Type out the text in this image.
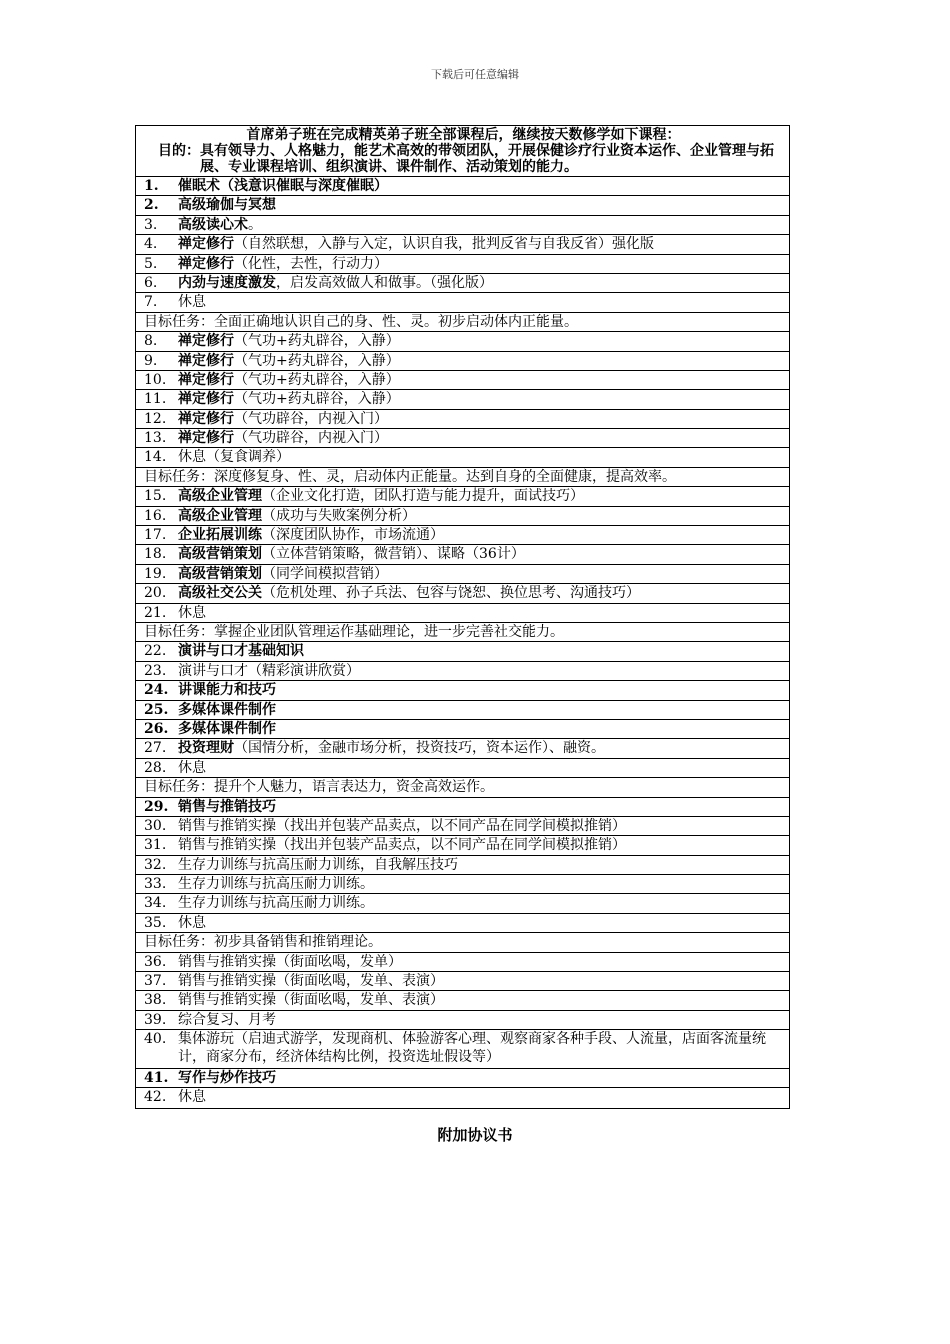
下载后可任意编辑
首席弟子班在完成精英弟子班全部课程后，继续按天数修学如下课程：
目的： 具有领导力、人格魅力，能艺术高效的带领团队，开展保健诊疗行业资本运作、企业管理与拓展、专业课程培训、组织演讲、课件制作、活动策划的能力。
1.	催眠术（浅意识催眠与深度催眠）
2.	高级瑜伽与冥想
3.	高级读心术。
4.	禅定修行（自然联想，入静与入定，认识自我，批判反省与自我反省）强化版
5.	禅定修行（化性，去性，行动力）
6.	内劲与速度激发，启发高效做人和做事。（强化版）
7.	休息
目标任务：全面正确地认识自己的身、性、灵。初步启动体内正能量。
8.	禅定修行（气功+药丸辟谷，入静）
9.	禅定修行（气功+药丸辟谷，入静）
10. 禅定修行（气功+药丸辟谷，入静）
11. 禅定修行（气功+药丸辟谷，入静）
12. 禅定修行（气功辟谷，内视入门）
13. 禅定修行（气功辟谷，内视入门）
14. 休息（复食调养）
目标任务：深度修复身、性、灵，启动体内正能量。达到自身的全面健康，提高效率。
15. 高级企业管理（企业文化打造，团队打造与能力提升，面试技巧）
16. 高级企业管理（成功与失败案例分析）
17. 企业拓展训练（深度团队协作，市场流通）
18. 高级营销策划（立体营销策略，微营销）、谋略（36计）
19. 高级营销策划（同学间模拟营销）
20. 高级社交公关（危机处理、孙子兵法、包容与饶恕、换位思考、沟通技巧）
21. 休息
目标任务：掌握企业团队管理运作基础理论，进一步完善社交能力。
22. 演讲与口才基础知识
23. 演讲与口才（精彩演讲欣赏）
24. 讲课能力和技巧
25. 多媒体课件制作
26. 多媒体课件制作
27. 投资理财（国情分析，金融市场分析，投资技巧，资本运作）、融资。
28. 休息
目标任务：提升个人魅力，语言表达力，资金高效运作。
29. 销售与推销技巧
30. 销售与推销实操（找出并包装产品卖点，以不同产品在同学间模拟推销）
31. 销售与推销实操（找出并包装产品卖点，以不同产品在同学间模拟推销）
32. 生存力训练与抗高压耐力训练，自我解压技巧
33. 生存力训练与抗高压耐力训练。
34. 生存力训练与抗高压耐力训练。
35. 休息
目标任务：初步具备销售和推销理论。
36. 销售与推销实操（街面吆喝，发单）
37. 销售与推销实操（街面吆喝，发单、表演）
38. 销售与推销实操（街面吆喝，发单、表演）
39. 综合复习、月考
40. 集体游玩（启迪式游学，发现商机、体验游客心理、观察商家各种手段、人流量，店面客流量统计，商家分布，经济体结构比例，投资选址假设等）
41. 写作与炒作技巧
42. 休息
附加协议书
